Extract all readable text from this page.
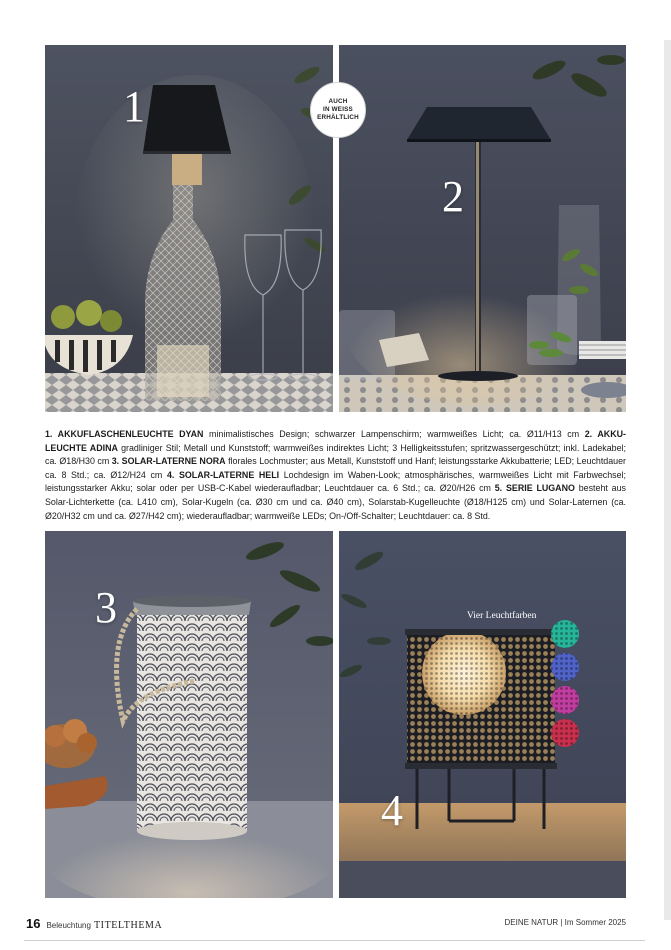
1
2
AUCH
IN WEISS
ERHÄLTLICH
1. AKKUFLASCHENLEUCHTE DYAN minimalistisches Design; schwarzer Lampenschirm; warmweißes Licht; ca. Ø11/H13 cm 2. AKKU-LEUCHTE ADINA gradliniger Stil; Metall und Kunststoff; warmweißes indirektes Licht; 3 Helligkeitsstufen; spritzwassergeschützt; inkl. Ladekabel; ca. Ø18/H30 cm 3. SOLAR-LATERNE NORA florales Lochmuster; aus Metall, Kunststoff und Hanf; leistungsstarke Akkubatterie; LED; Leuchtdauer ca. 8 Std.; ca. Ø12/H24 cm 4. SOLAR-LATERNE HELI Lochdesign im Waben-Look; atmosphärisches, warmweißes Licht mit Farbwechsel; leistungsstarker Akku; solar oder per USB-C-Kabel wiederaufladbar; Leuchtdauer ca. 6 Std.; ca. Ø20/H26 cm 5. SERIE LUGANO besteht aus Solar-Lichterkette (ca. L410 cm), Solar-Kugeln (ca. Ø30 cm und ca. Ø40 cm), Solarstab-Kugelleuchte (Ø18/H125 cm) und Solar-Laternen (ca. Ø20/H32 cm und ca. Ø27/H42 cm); wiederaufladbar; warmweiße LEDs; On-/Off-Schalter; Leuchtdauer: ca. 8 Std.
3	Vier Leuchtfarben
4
16 Beleuchtung TITELTHEMA	DEINE NATUR | Im Sommer 2025
